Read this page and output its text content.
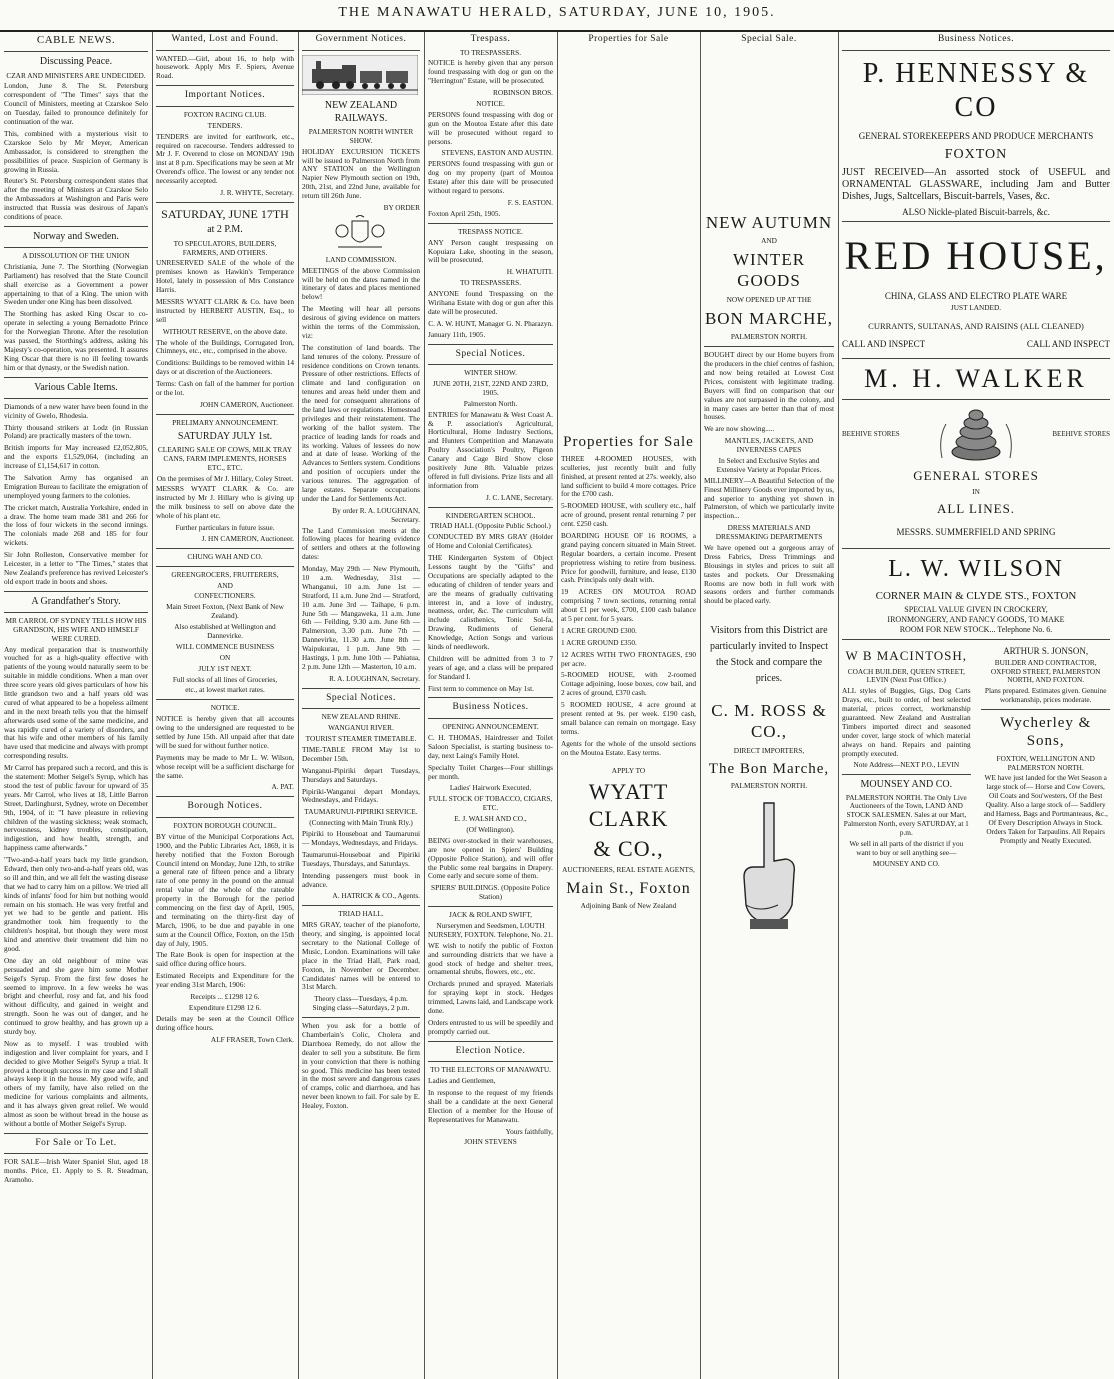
THE MANAWATU HERALD, SATURDAY, JUNE 10, 1905.
CABLE NEWS.
Discussing Peace.
CZAR AND MINISTERS ARE UNDECIDED.
London, June 8. The St. Petersburg correspondent of "The Times" says that the Council of Ministers, meeting at Czarskoe Selo on Tuesday, failed to pronounce definitely for continuation of the war.
This, combined with a mysterious visit to Czarskoe Selo by Mr Meyer, American Ambassador, is considered to strengthen the possibilities of peace. Suspicion of Germany is growing in Russia.
Reuter's St. Petersburg correspondent states that after the meeting of Ministers at Czarskoe Selo the Ambassadors at Washington and Paris were instructed that Russia was desirous of Japan's conditions of peace.
Norway and Sweden.
A DISSOLUTION OF THE UNION
Christiania, June 7. The Storthing (Norwegian Parliament) has resolved that the State Council shall exercise as a Government a power appertaining to that of a King. The union with Sweden under one King has been dissolved.
The Storthing has asked King Oscar to co-operate in selecting a young Bernadotte Prince for the Norwegian Throne. After the resolution was passed, the Storthing's address, asking his Majesty's co-operation, was presented. It assures King Oscar that there is no ill feeling towards him or that dynasty, or the Swedish nation.
Various Cable Items.
Diamonds of a new water have been found in the vicinity of Gwelo, Rhodesia.
Thirty thousand strikers at Lodz (in Russian Poland) are practically masters of the town.
British imports for May increased £2,052,805, and the exports £1,529,064, (including an increase of £1,154,617 in cotton.
The Salvation Army has organised an Emigration Bureau to facilitate the emigration of unemployed young farmers to the colonies.
The cricket match, Australia Yorkshire, ended in a draw. The home team made 381 and 266 for the loss of four wickets in the second innings. The colonials made 268 and 185 for four wickets.
Sir John Rolleston, Conservative member for Leicester, in a letter to "The Times," states that New Zealand's preference has revived Leicester's old export trade in boots and shoes.
A Grandfather's Story.
MR CARROL OF SYDNEY TELLS HOW HIS GRANDSON, HIS WIFE AND HIMSELF WERE CURED.
Any medical preparation that is trustworthily vouched for as a high-quality effective with patients of the young would naturally seem to be suitable in middle conditions. When a man over three score years old gives particulars of how his little grandson two and a half years old was cured of what appeared to be a hopeless ailment and in the next breath tells you that the himself afterwards used some of the same medicine, and was rapidly cured of a variety of disorders, and that his wife and other members of his family have used that medicine and always with prompt corresponding results.
Mr Carrol has prepared such a record, and this is the statement: Mother Seigel's Syrup, which has stood the test of public favour for upward of 35 years. Mr Carrol, who lives at 18, Little Barron Street, Darlinghurst, Sydney, wrote on December 9th, 1904, of it: "I have pleasure in relieving children of the wasting sickness; weak stomach, nervousness, kidney troubles, constipation, indigestion, and how health, strength, and happiness came afterwards."
"Two-and-a-half years back my little grandson, Edward, then only two-and-a-half years old, was so ill and thin, and we all felt the wasting disease that we had to carry him on a pillow. We tried all kinds of infants' food for him but nothing would remain on his stomach. He was very fretful and yet we had to be gentle and patient. His grandmother took him frequently to the children's hospital, but though they were most kind and attentive their treatment did him no good.
One day an old neighbour of mine was persuaded and she gave him some Mother Seigel's Syrup. From the first few doses he seemed to improve. In a few weeks he was bright and cheerful, rosy and fat, and his food without difficulty, and gained in weight and strength. Soon he was out of danger, and he continued to grow healthy, and has grown up a sturdy boy.
Now as to myself. I was troubled with indigestion and liver complaint for years, and I decided to give Mother Seigel's Syrup a trial. It proved a thorough success in my case and I shall always keep it in the house. My good wife, and others of my family, have also relied on the medicine for various complaints and ailments, and it has always given great relief. We would almost as soon be without bread in the house as without a bottle of Mother Seigel's Syrup.
For Sale or To Let.
FOR SALE—Irish Water Spaniel Slut, aged 18 months. Price, £1. Apply to S. R. Steadman, Aramoho.
Wanted, Lost and Found.
WANTED.—Girl, about 16, to help with housework. Apply Mrs F. Spiers, Avenue Road.
Important Notices.
FOXTON RACING CLUB.
TENDERS.
TENDERS are invited for earthwork, etc., required on racecourse. Tenders addressed to Mr J. F. Overend to close on MONDAY 19th inst at 8 p.m. Specifications may be seen at Mr Overend's office. The lowest or any tender not necessarily accepted.
J. R. WHYTE, Secretary.
SATURDAY, JUNE 17TH
at 2 P.M.
TO SPECULATORS, BUILDERS, FARMERS, AND OTHERS.
UNRESERVED SALE of the whole of the premises known as Hawkin's Temperance Hotel, lately in possession of Mrs Constance Harris.
MESSRS WYATT CLARK & Co. have been instructed by HERBERT AUSTIN, Esq., to sell
WITHOUT RESERVE, on the above date.
The whole of the Buildings, Corrugated Iron, Chimneys, etc., etc., comprised in the above.
Conditions: Buildings to be removed within 14 days or at discretion of the Auctioneers.
Terms: Cash on fall of the hammer for portion or the lot.
JOHN CAMERON, Auctioneer.
PRELIMARY ANNOUNCEMENT.
SATURDAY JULY 1st.
CLEARING SALE OF COWS, MILK TRAY CANS, FARM IMPLEMENTS, HORSES ETC., ETC.
On the premises of Mr J. Hillary, Coley Street.
MESSRS WYATT CLARK & Co. are instructed by Mr J. Hillary who is giving up the milk business to sell on above date the whole of his plant etc.
Further particulars in future issue.
J. HN CAMERON, Auctioneer.
CHUNG WAH AND CO.
GREENGROCERS, FRUITERERS,
AND
CONFECTIONERS.
Main Street Foxton, (Next Bank of New Zealand).
Also established at Wellington and Dannevirke.
WILL COMMENCE BUSINESS
ON
JULY 1ST NEXT.
Full stocks of all lines of Groceries,
etc., at lowest market rates.
NOTICE.
NOTICE is hereby given that all accounts owing to the undersigned are requested to be settled by June 15th. All unpaid after that date will be sued for without further notice.
Payments may be made to Mr L. W. Wilson, whose receipt will be a sufficient discharge for the same.
A. PAT.
Borough Notices.
FOXTON BOROUGH COUNCIL.
BY virtue of the Municipal Corporations Act, 1900, and the Public Libraries Act, 1869, it is hereby notified that the Foxton Borough Council intend on Monday, June 12th, to strike a general rate of fifteen pence and a library rate of one penny in the pound on the annual rental value of the whole of the rateable property in the Borough for the period commencing on the first day of April, 1905, and terminating on the thirty-first day of March, 1906, to be due and payable in one sum at the Council Office, Foxton, on the 15th day of July, 1905.
The Rate Book is open for inspection at the said office during office hours.
Estimated Receipts and Expenditure for the year ending 31st March, 1906:
Receipts ... £1298 12 6.
Expenditure £1298 12 6.
Details may be seen at the Council Office during office hours.
ALF FRASER, Town Clerk.
Government Notices.
NEW ZEALAND RAILWAYS.
PALMERSTON NORTH WINTER SHOW.
HOLIDAY EXCURSION TICKETS will be issued to Palmerston North from ANY STATION on the Wellington Napier New Plymouth section on 19th, 20th, 21st, and 22nd June, available for return till 26th June.
BY ORDER
LAND COMMISSION.
MEETINGS of the above Commission will be held on the dates named in the itinerary of dates and places mentioned below!
The Meeting will hear all persons desirous of giving evidence on matters within the terms of the Commission, viz:
The constitution of land boards. The land tenures of the colony. Pressure of residence conditions on Crown tenants. Pressure of other restrictions. Effects of climate and land configuration on tenures and areas held under them and the need for consequent alterations of the land laws or regulations. Homestead privileges and their reinstatement. The working of the ballot system. The practice of leading lands for roads and its working. Values of lessees do now and at date of lease. Working of the Advances to Settlers system. Conditions and position of occupiers under the various tenures. The aggregation of large estates. Separate occupations under the Land for Settlements Act.
By order R. A. LOUGHNAN, Secretary.
The Land Commission meets at the following places for hearing evidence of settlers and others at the following dates:
Monday, May 29th — New Plymouth, 10 a.m. Wednesday, 31st — Whanganui, 10 a.m. June 1st — Stratford, 11 a.m. June 2nd — Stratford, 10 a.m. June 3rd — Taihape, 6 p.m. June 5th — Mangaweka, 11 a.m. June 6th — Feilding, 9.30 a.m. June 6th — Palmerston, 3.30 p.m. June 7th — Dannevirke, 11.30 a.m. June 8th — Waipukurau, 1 p.m. June 9th — Hastings, 1 p.m. June 10th — Pahiatua, 2 p.m. June 12th — Masterton, 10 a.m.
R. A. LOUGHNAN, Secretary.
Special Notices.
NEW ZEALAND RHINE.
WANGANUI RIVER.
TOURIST STEAMER TIMETABLE.
TIME-TABLE FROM May 1st to December 15th.
Wanganui-Pipiriki depart Tuesdays, Thursdays and Saturdays.
Pipiriki-Wanganui depart Mondays, Wednesdays, and Fridays.
TAUMARUNUI-PIPIRIKI SERVICE.
(Connecting with Main Trunk Rly.)
Pipiriki to Houseboat and Taumarunui — Mondays, Wednesdays, and Fridays.
Taumarunui-Houseboat and Pipiriki Tuesdays, Thursdays, and Saturdays.
Intending passengers must book in advance.
A. HATRICK & CO., Agents.
TRIAD HALL.
MRS GRAY, teacher of the pianoforte, theory, and singing, is appointed local secretary to the National College of Music, London. Examinations will take place in the Triad Hall, Park road, Foxton, in November or December. Candidates' names will be entered to 31st March.
Theory class—Tuesdays, 4 p.m. Singing class—Saturdays, 2 p.m.
When you ask for a bottle of Chamberlain's Colic, Cholera and Diarrhoea Remedy, do not allow the dealer to sell you a substitute. Be firm in your conviction that there is nothing so good. This medicine has been tested in the most severe and dangerous cases of cramps, colic and diarrhoea, and has never been known to fail. For sale by E. Healey, Foxton.
Trespass.
TO TRESPASSERS.
NOTICE is hereby given that any person found trespassing with dog or gun on the "Herrington" Estate, will be prosecuted.
ROBINSON BROS.
NOTICE.
PERSONS found trespassing with dog or gun on the Moutoa Estate after this date will be prosecuted without regard to persons.
STEVENS, EASTON AND AUSTIN.
PERSONS found trespassing with gun or dog on my property (part of Moutoa Estate) after this date will be prosecuted without regard to persons.
F. S. EASTON.
Foxton April 25th, 1905.
TRESPASS NOTICE.
ANY Person caught trespassing on Kopuiara Lake, shooting in the season, will be prosecuted.
H. WHATUITI.
TO TRESPASSERS.
ANYONE found Trespassing on the Wirihana Estate with dog or gun after this date will be prosecuted.
C. A. W. HUNT, Manager G. N. Pharazyn.
January 11th, 1905.
Special Notices.
WINTER SHOW.
JUNE 20TH, 21ST, 22ND AND 23RD, 1905.
Palmerston North.
ENTRIES for Manawatu & West Coast A. & P. association's Agricultural, Horticultural, Home Industry Sections, and Hunters Competition and Manawatu Poultry Association's Poultry, Pigeon Canary and Cage Bird Show close positively June 8th. Valuable prizes offered in full divisions. Prize lists and all information from
J. C. LANE, Secretary.
KINDERGARTEN SCHOOL.
TRIAD HALL (Opposite Public School.)
CONDUCTED BY MRS GRAY (Holder of Home and Colonial Certificates).
THE Kindergarten System of Object Lessons taught by the "Gifts" and Occupations are specially adapted to the educating of children of tender years and are the means of gradually cultivating interest in, and a love of industry, neatness, order, &c. The curriculum will include calisthenics, Tonic Sol-fa, Drawing, Rudiments of General Knowledge, Action Songs and various kinds of needlework.
Children will be admitted from 3 to 7 years of age, and a class will be prepared for Standard I.
First term to commence on May 1st.
Business Notices.
OPENING ANNOUNCEMENT.
C. H. THOMAS, Hairdresser and Toilet Saloon Specialist, is starting business to-day, next Laing's Family Hotel.
Specialty Toilet Charges—Four shillings per month.
Ladies' Hairwork Executed.
FULL STOCK OF TOBACCO, CIGARS, ETC.
E. J. WALSH AND CO.,
(Of Wellington).
BEING over-stocked in their warehouses, are now opened in Spiers' Building (Opposite Police Station), and will offer the Public some real bargains in Drapery. Come early and secure some of them.
SPIERS' BUILDINGS. (Opposite Police Station)
JACK & ROLAND SWIFT,
Nurserymen and Seedsmen, LOUTH NURSERY, FOXTON. Telephone, No. 21.
WE wish to notify the public of Foxton and surrounding districts that we have a good stock of hedge and shelter trees, ornamental shrubs, flowers, etc., etc.
Orchards pruned and sprayed. Materials for spraying kept in stock. Hedges trimmed, Lawns laid, and Landscape work done.
Orders entrusted to us will be speedily and promptly carried out.
Election Notice.
TO THE ELECTORS OF MANAWATU.
Ladies and Gentlemen,
In response to the request of my friends shall be a candidate at the next General Election of a member for the House of Representatives for Manawatu.
Yours faithfully,
JOHN STEVENS
Properties for Sale
Properties for Sale
THREE 4-ROOMED HOUSES, with sculleries, just recently built and fully finished, at present rented at 27s. weekly, also land sufficient to build 4 more cottages. Price for the £700 cash.
5-ROOMED HOUSE, with scullery etc., half acre of ground, present rental returning 7 per cent. £250 cash.
BOARDING HOUSE OF 16 ROOMS, a grand paying concern situated in Main Street. Regular boarders, a certain income. Present proprietress wishing to retire from business. Price for goodwill, furniture, and lease, £130 cash. Principals only dealt with.
19 ACRES ON MOUTOA ROAD comprising 7 town sections, returning rental about £1 per week, £700, £100 cash balance at 5 per cent. for 5 years.
1 ACRE GROUND £300.
1 ACRE GROUND £350.
12 ACRES WITH TWO FRONTAGES, £90 per acre.
5-ROOMED HOUSE, with 2-roomed Cottage adjoining, loose boxes, cow bail, and 2 acres of ground, £370 cash.
5 ROOMED HOUSE, 4 acre ground at present rented at 9s. per week. £190 cash, small balance can remain on mortgage. Easy terms.
Agents for the whole of the unsold sections on the Moutoa Estate. Easy terms.
APPLY TO
WYATT CLARK
& CO.,
AUCTIONEERS, REAL ESTATE AGENTS,
Main St., Foxton
Adjoining Bank of New Zealand
Special Sale.
NEW AUTUMN
AND
WINTER GOODS
NOW OPENED UP AT THE
BON MARCHE,
PALMERSTON NORTH.
BOUGHT direct by our Home buyers from the producers in the chief centres of fashion, and now being retailed at Lowest Cost Prices, consistent with legitimate trading. Buyers will find on comparison that our values are not surpassed in the colony, and in many cases are better than that of most houses.
We are now showing.....
MANTLES, JACKETS, AND INVERNESS CAPES
In Select and Exclusive Styles and Extensive Variety at Popular Prices.
MILLINERY—A Beautiful Selection of the Finest Millinery Goods ever imported by us, and superior to anything yet shown in Palmerston, of which we particularly invite inspection...
DRESS MATERIALS AND DRESSMAKING DEPARTMENTS
We have opened out a gorgeous array of Dress Fabrics, Dress Trimmings and Blousings in styles and prices to suit all tastes and pockets. Our Dressmaking Rooms are now both in full work with seasons orders and further commands should be placed early.
Visitors from this District are particularly invited to Inspect the Stock and compare the prices.
C. M. ROSS & CO.,
DIRECT IMPORTERS,
The Bon Marche,
PALMERSTON NORTH.
Business Notices.
P. HENNESSY & CO
GENERAL STOREKEEPERS AND PRODUCE MERCHANTS
FOXTON
JUST RECEIVED—An assorted stock of USEFUL and ORNAMENTAL GLASSWARE, including Jam and Butter Dishes, Jugs, Saltcellars, Biscuit-barrels, Vases, &c.
ALSO Nickle-plated Biscuit-barrels, &c.
RED HOUSE,
CHINA, GLASS AND ELECTRO PLATE WARE
JUST LANDED.
CURRANTS, SULTANAS, AND RAISINS (ALL CLEANED)
CALL AND INSPECT	CALL AND INSPECT
M. H. WALKER
BEEHIVE STORES	BEEHIVE STORES
GENERAL STORES
IN
ALL LINES.
MESSRS. SUMMERFIELD AND SPRING
L. W. WILSON
CORNER MAIN & CLYDE STS., FOXTON
SPECIAL VALUE GIVEN IN CROCKERY, IRONMONGERY, AND FANCY GOODS, TO MAKE ROOM FOR NEW STOCK... Telephone No. 6.
W B MACINTOSH,
COACH BUILDER, QUEEN STREET, LEVIN (Next Post Office.)
ALL styles of Buggies, Gigs, Dog Carts Drays, etc., built to order, of best selected material, prices correct, workmanship guaranteed. New Zealand and Australian Timbers imported direct and seasoned under cover, large stock of which material always on hand. Repairs and painting promptly executed.
Note Address—NEXT P.O., LEVIN
MOUNSEY AND CO.
PALMERSTON NORTH. The Only Live Auctioneers of the Town, LAND AND STOCK SALESMEN. Sales at our Mart, Palmerston North, every SATURDAY, at 1 p.m.
We sell in all parts of the district if you want to buy or sell anything see—
MOUNSEY AND CO.
ARTHUR S. JONSON,
BUILDER AND CONTRACTOR, OXFORD STREET, PALMERSTON NORTH, AND FOXTON.
Plans prepared. Estimates given. Genuine workmanship, prices moderate.
Wycherley & Sons,
FOXTON, WELLINGTON AND PALMERSTON NORTH.
WE have just landed for the Wet Season a large stock of— Horse and Cow Covers, Oil Coats and Sou'westers, Of the Best Quality. Also a large stock of— Saddlery and Harness, Bags and Portmanteaus, &c., Of Every Description Always in Stock. Orders Taken for Tarpaulins. All Repairs Promptly and Neatly Executed.
